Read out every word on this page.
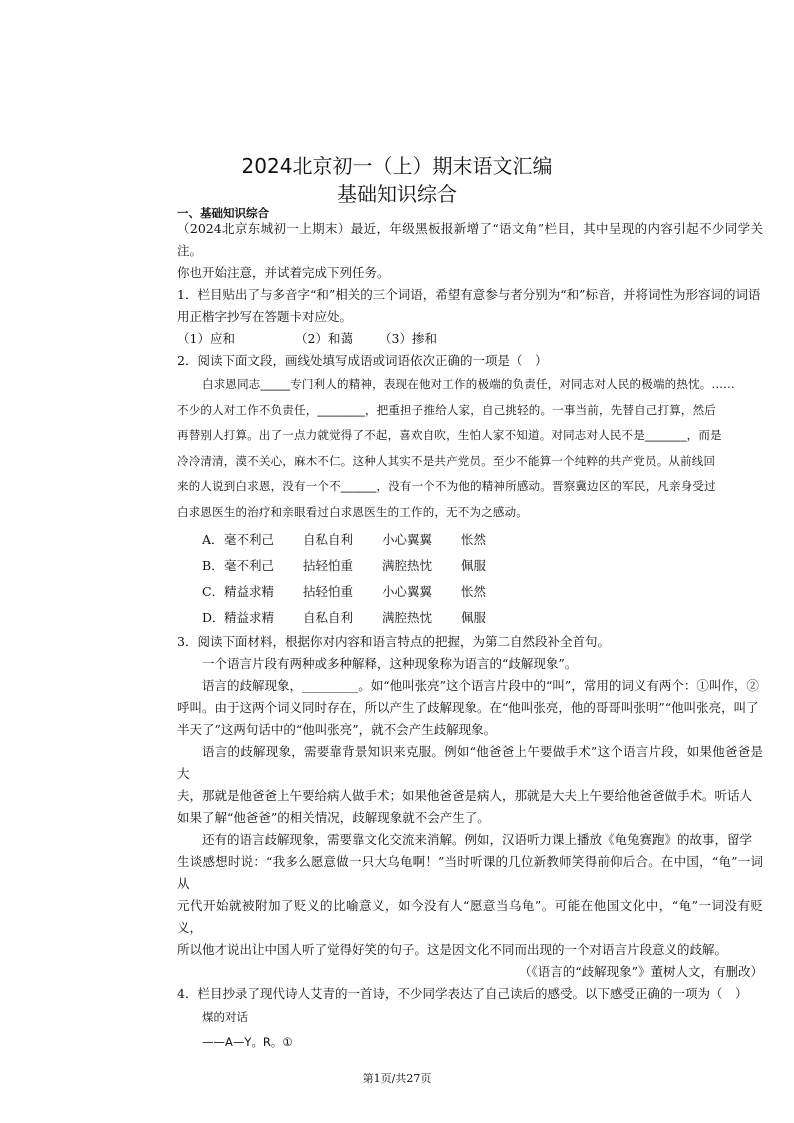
2024北京初一（上）期末语文汇编
基础知识综合
一、基础知识综合

（2024北京东城初一上期末）最近，年级黑板报新增了“语文角”栏目，其中呈现的内容引起不少同学关注。

你也开始注意，并试着完成下列任务。

1．栏目贴出了与多音字“和”相关的三个词语，希望有意参与者分别为“和”标音，并将词性为形容词的词语

用正楷字抄写在答题卡对应处。

（1）应和	（2）和蔼	（3）掺和

2．阅读下面文段，画线处填写成语或词语依次正确的一项是（　）

白求恩同志_____专门利人的精神，表现在他对工作的极端的负责任，对同志对人民的极端的热忱。……

不少的人对工作不负责任，________，把重担子推给人家，自己挑轻的。一事当前，先替自己打算，然后

再替别人打算。出了一点力就觉得了不起，喜欢自吹，生怕人家不知道。对同志对人民不是_______，而是

冷冷清清，漠不关心，麻木不仁。这种人其实不是共产党员。至少不能算一个纯粹的共产党员。从前线回

来的人说到白求恩，没有一个不______，没有一个不为他的精神所感动。晋察冀边区的军民，凡亲身受过

白求恩医生的治疗和亲眼看过白求恩医生的工作的，无不为之感动。

A． 毫不利己	自私自利	小心翼翼	怅然
B． 毫不利己	拈轻怕重	满腔热忱	佩服
C． 精益求精	拈轻怕重	小心翼翼	怅然
D． 精益求精	自私自利	满腔热忱	佩服

3．阅读下面材料，根据你对内容和语言特点的把握，为第二自然段补全首句。

一个语言片段有两种或多种解释，这种现象称为语言的“歧解现象”。

语言的歧解现象，_________。如“他叫张亮”这个语言片段中的“叫”，常用的词义有两个：①叫作，②

呼叫。由于这两个词义同时存在，所以产生了歧解现象。在“他叫张亮，他的哥哥叫张明”“他叫张亮，叫了

半天了”这两句话中的“他叫张亮”，就不会产生歧解现象。

语言的歧解现象，需要靠背景知识来克服。例如“他爸爸上午要做手术”这个语言片段，如果他爸爸是大

夫，那就是他爸爸上午要给病人做手术；如果他爸爸是病人，那就是大夫上午要给他爸爸做手术。听话人

如果了解“他爸爸”的相关情况，歧解现象就不会产生了。

还有的语言歧解现象，需要靠文化交流来消解。例如，汉语听力课上播放《龟兔赛跑》的故事，留学

生谈感想时说：“我多么愿意做一只大乌龟啊！”当时听课的几位新教师笑得前仰后合。在中国，“龟”一词从

元代开始就被附加了贬义的比喻意义，如今没有人“愿意当乌龟”。可能在他国文化中，“龟”一词没有贬义，

所以他才说出让中国人听了觉得好笑的句子。这是因文化不同而出现的一个对语言片段意义的歧解。

（《语言的“歧解现象”》董树人文，有删改）

4．栏目抄录了现代诗人艾青的一首诗，不少同学表达了自己读后的感受。以下感受正确的一项为（　）

煤的对话
——A—Y。R。①
第1页/共27页
